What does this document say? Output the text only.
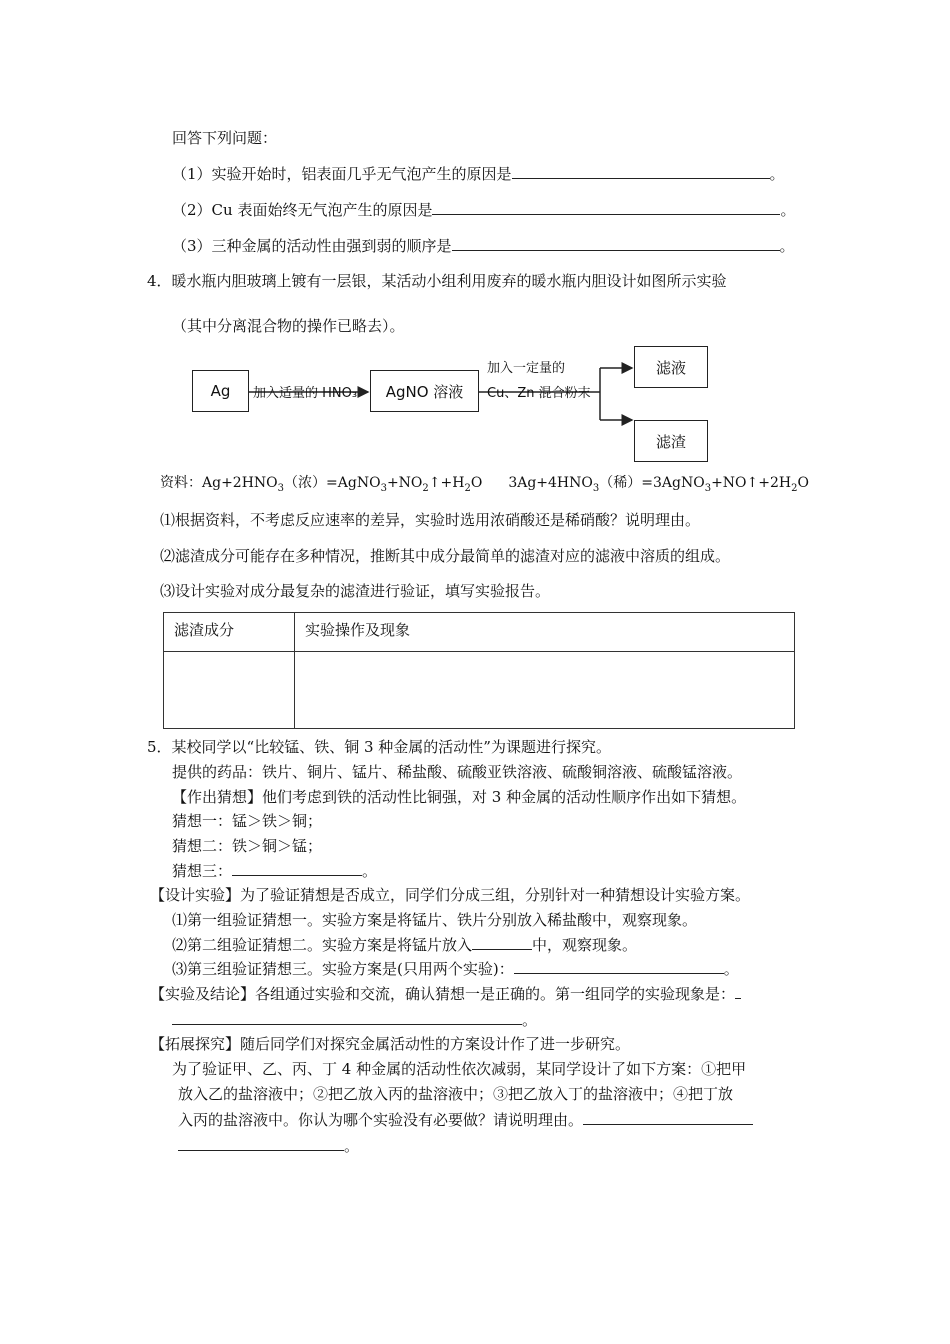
回答下列问题：
（1）实验开始时，铝表面几乎无气泡产生的原因是	。
（2）Cu 表面始终无气泡产生的原因是	。
（3）三种金属的活动性由强到弱的顺序是	。
4．暖水瓶内胆玻璃上镀有一层银，某活动小组利用废弃的暖水瓶内胆设计如图所示实验
（其中分离混合物的操作已略去）。
Ag	加入适量的 HNO₃	AgNO 溶液
加入一定量的
Cu、Zn 混合粉末
滤液
滤渣
资料：$Ag+2HNO_3$（浓）$=AgNO_3+NO_2↑+H_2O$ $3Ag+4HNO_3$（稀）$=3AgNO_3+NO↑+2H_2O$
⑴根据资料，不考虑反应速率的差异，实验时选用浓硝酸还是稀硝酸？说明理由。
⑵滤渣成分可能存在多种情况，推断其中成分最简单的滤渣对应的滤液中溶质的组成。
⑶设计实验对成分最复杂的滤渣进行验证，填写实验报告。
滤渣成分	实验操作及现象

5．某校同学以“比较锰、铁、铜 3 种金属的活动性”为课题进行探究。
提供的药品：铁片、铜片、锰片、稀盐酸、硫酸亚铁溶液、硫酸铜溶液、硫酸锰溶液。
【作出猜想】他们考虑到铁的活动性比铜强，对 3 种金属的活动性顺序作出如下猜想。
猜想一：锰＞铁＞铜；
猜想二：铁＞铜＞锰；
猜想三：	。
【设计实验】为了验证猜想是否成立，同学们分成三组，分别针对一种猜想设计实验方案。
⑴第一组验证猜想一。实验方案是将锰片、铁片分别放入稀盐酸中，观察现象。
⑵第二组验证猜想二。实验方案是将锰片放入	中，观察现象。
⑶第三组验证猜想三。实验方案是(只用两个实验)：	。
【实验及结论】各组通过实验和交流，确认猜想一是正确的。第一组同学的实验现象是：
。
【拓展探究】随后同学们对探究金属活动性的方案设计作了进一步研究。
为了验证甲、乙、丙、丁 4 种金属的活动性依次减弱，某同学设计了如下方案：①把甲
放入乙的盐溶液中；②把乙放入丙的盐溶液中；③把乙放入丁的盐溶液中；④把丁放
入丙的盐溶液中。你认为哪个实验没有必要做？请说明理由。
。
